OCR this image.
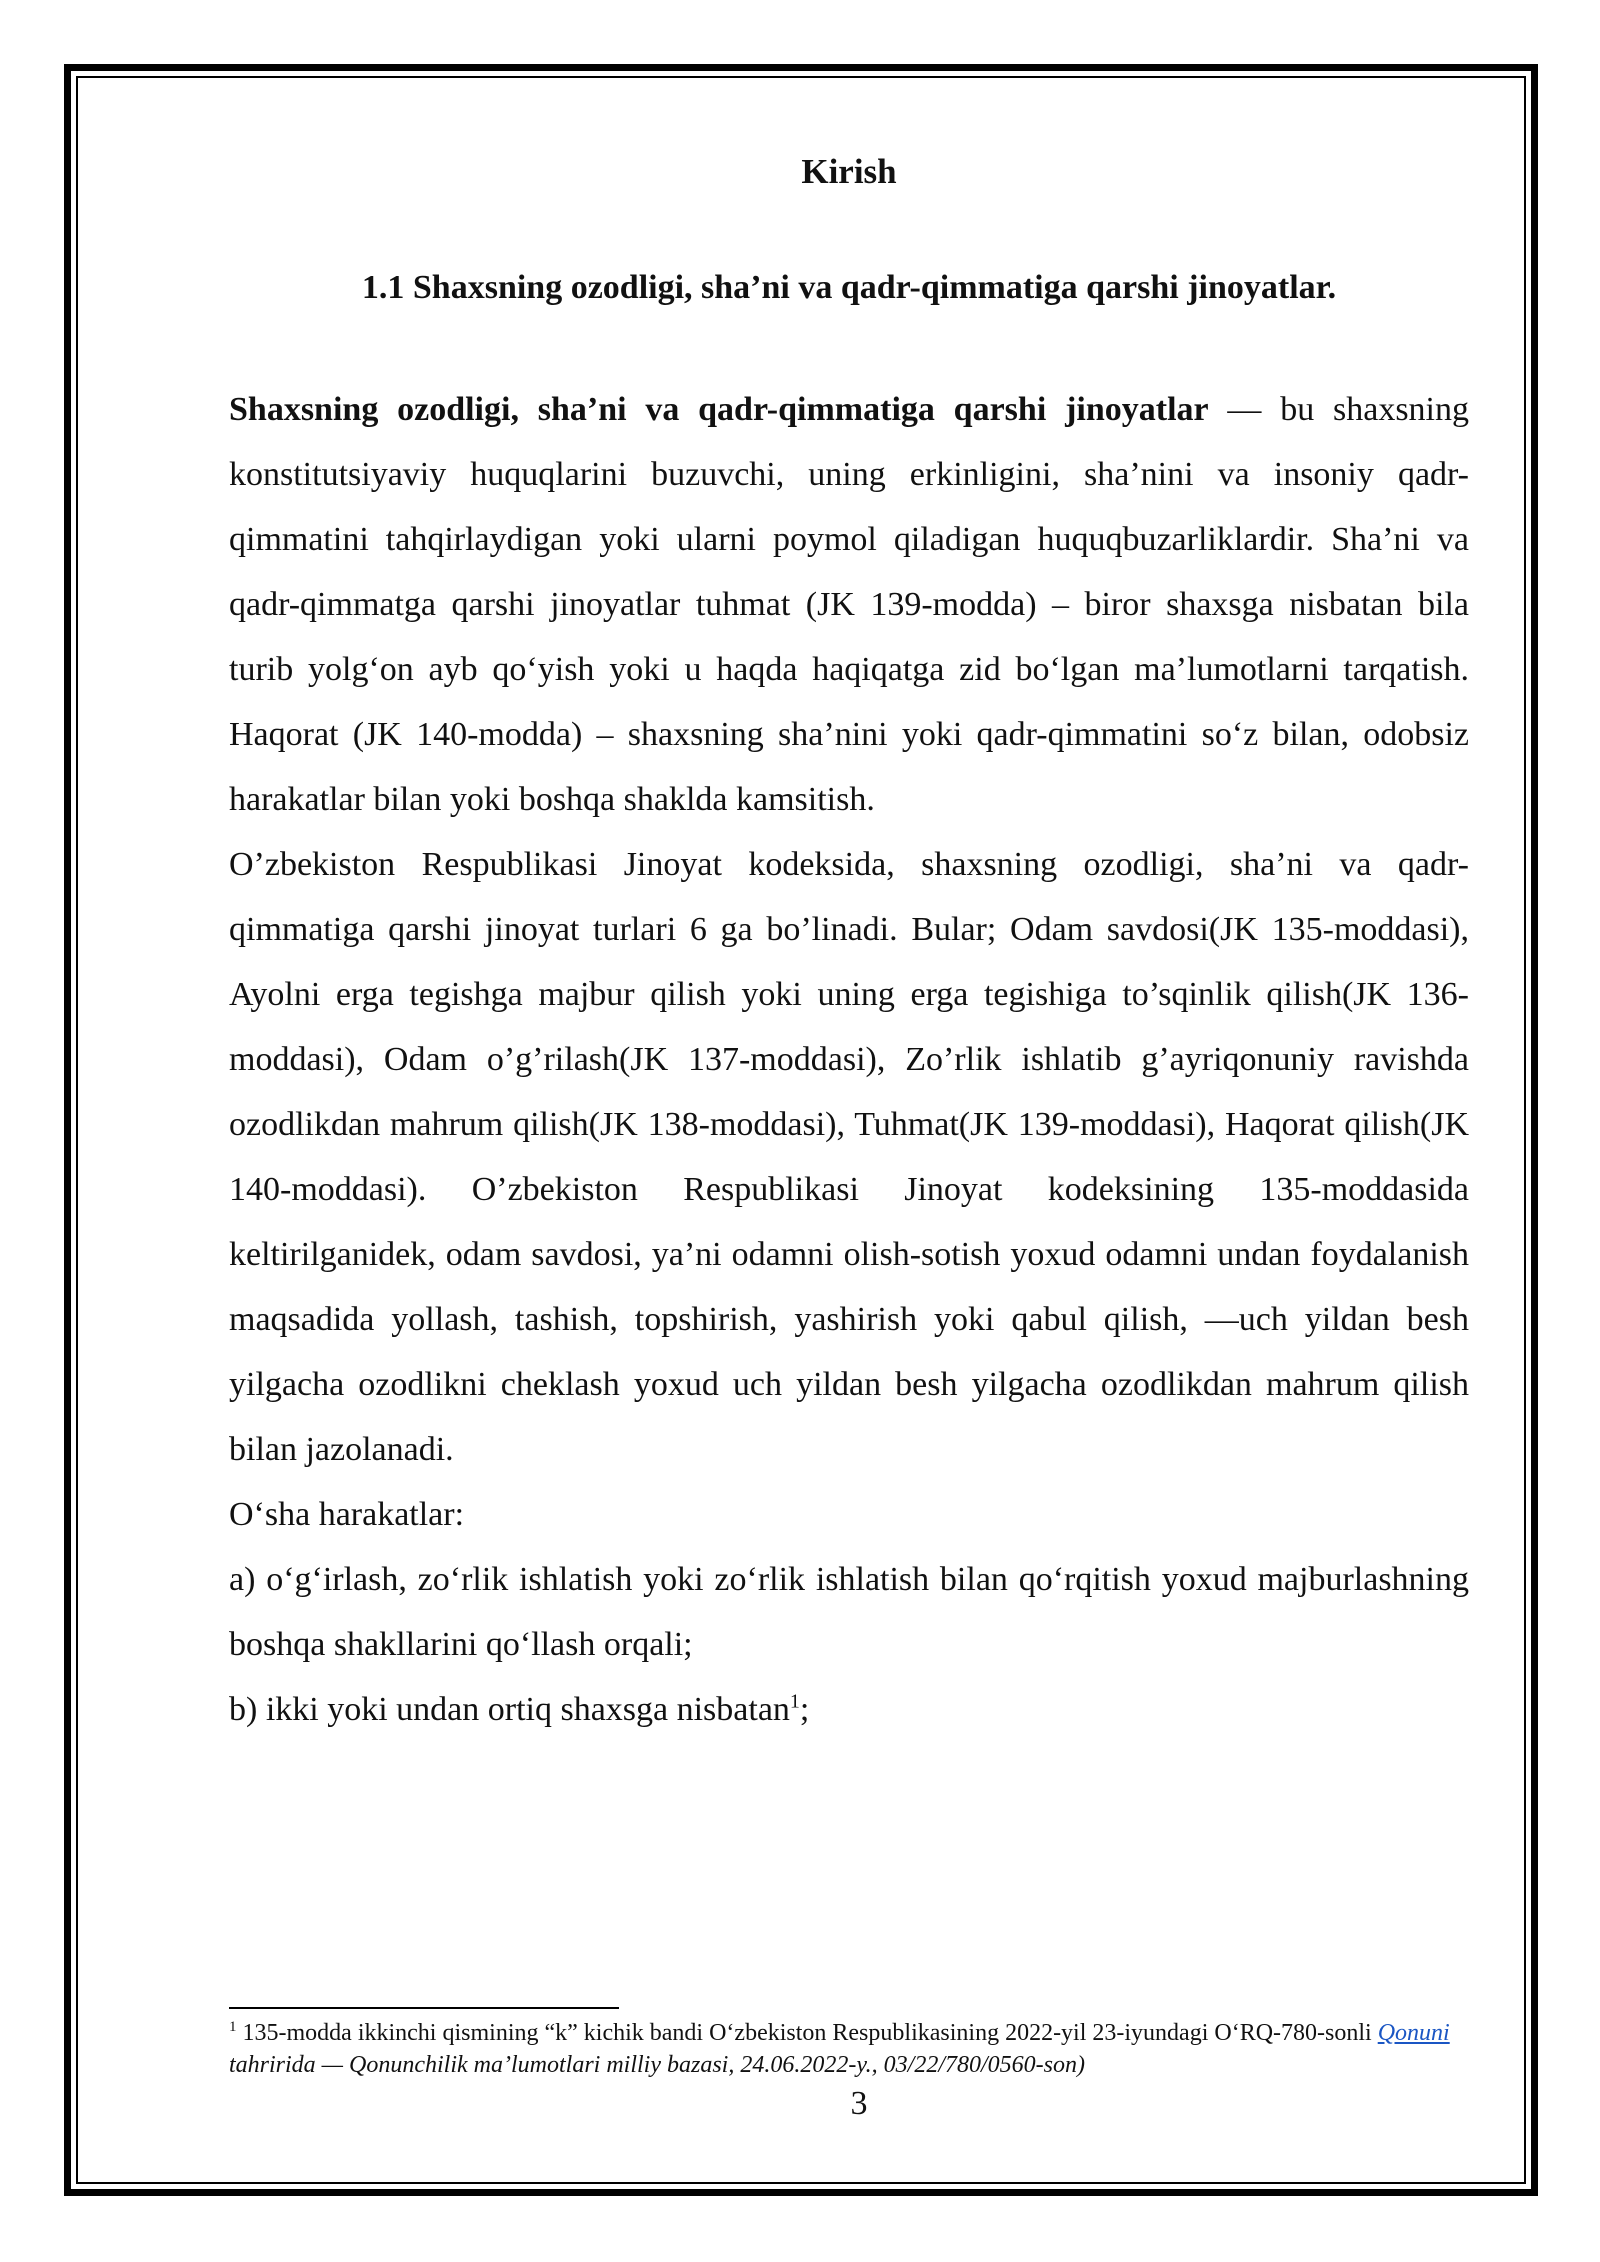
Kirish
1.1 Shaxsning ozodligi, sha’ni va qadr-qimmatiga qarshi jinoyatlar.

Shaxsning ozodligi, sha’ni va qadr-qimmatiga qarshi jinoyatlar — bu shaxsning konstitutsiyaviy huquqlarini buzuvchi, uning erkinligini, sha’nini va insoniy qadr-qimmatini tahqirlaydigan yoki ularni poymol qiladigan huquqbuzarliklardir. Sha’ni va qadr-qimmatga qarshi jinoyatlar tuhmat (JK 139-modda) – biror shaxsga nisbatan bila turib yolg‘on ayb qo‘yish yoki u haqda haqiqatga zid bo‘lgan ma’lumotlarni tarqatish. Haqorat (JK 140-modda) – shaxsning sha’nini yoki qadr-qimmatini so‘z bilan, odobsiz harakatlar bilan yoki boshqa shaklda kamsitish.

O’zbekiston Respublikasi Jinoyat kodeksida, shaxsning ozodligi, sha’ni va qadr-qimmatiga qarshi jinoyat turlari 6 ga bo’linadi. Bular; Odam savdosi(JK 135-moddasi), Ayolni erga tegishga majbur qilish yoki uning erga tegishiga to’sqinlik qilish(JK 136-moddasi), Odam o’g’rilash(JK 137-moddasi), Zo’rlik ishlatib g’ayriqonuniy ravishda ozodlikdan mahrum qilish(JK 138-moddasi), Tuhmat(JK 139-moddasi), Haqorat qilish(JK 140-moddasi). O’zbekiston Respublikasi Jinoyat kodeksining 135-moddasida keltirilganidek, odam savdosi, ya’ni odamni olish-sotish yoxud odamni undan foydalanish maqsadida yollash, tashish, topshirish, yashirish yoki qabul qilish, —uch yildan besh yilgacha ozodlikni cheklash yoxud uch yildan besh yilgacha ozodlikdan mahrum qilish bilan jazolanadi.

O‘sha harakatlar:

a) o‘g‘irlash, zo‘rlik ishlatish yoki zo‘rlik ishlatish bilan qo‘rqitish yoxud majburlashning boshqa shakllarini qo‘llash orqali;

b) ikki yoki undan ortiq shaxsga nisbatan$^1$;

$^1$ 135-modda ikkinchi qismining “k” kichik bandi O‘zbekiston Respublikasining 2022-yil 23-iyundagi O‘RQ-780-sonli Qonuni tahririda — Qonunchilik ma’lumotlari milliy bazasi, 24.06.2022-y., 03/22/780/0560-son)
3
